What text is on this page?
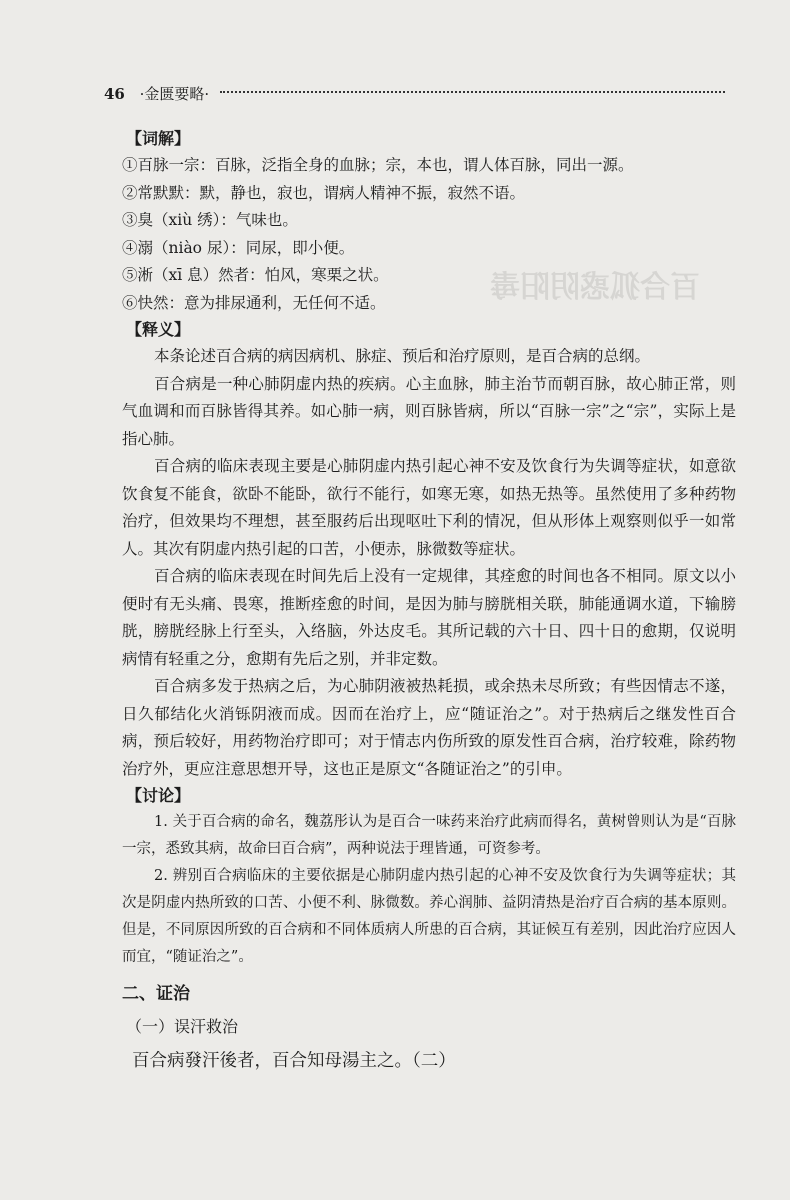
百合狐惑阴阳毒
46 ·金匮要略·
【词解】
①百脉一宗：百脉，泛指全身的血脉；宗，本也，谓人体百脉，同出一源。
②常默默：默，静也，寂也，谓病人精神不振，寂然不语。
③臭（xiù 绣）：气味也。
④溺（niào 尿）：同尿，即小便。
⑤淅（xī 息）然者：怕风，寒栗之状。
⑥快然：意为排尿通利，无任何不适。
【释义】

本条论述百合病的病因病机、脉症、预后和治疗原则，是百合病的总纲。

百合病是一种心肺阴虚内热的疾病。心主血脉，肺主治节而朝百脉，故心肺正常，则气血调和而百脉皆得其养。如心肺一病，则百脉皆病，所以“百脉一宗”之“宗”，实际上是指心肺。

百合病的临床表现主要是心肺阴虚内热引起心神不安及饮食行为失调等症状，如意欲饮食复不能食，欲卧不能卧，欲行不能行，如寒无寒，如热无热等。虽然使用了多种药物治疗，但效果均不理想，甚至服药后出现呕吐下利的情况，但从形体上观察则似乎一如常人。其次有阴虚内热引起的口苦，小便赤，脉微数等症状。

百合病的临床表现在时间先后上没有一定规律，其痊愈的时间也各不相同。原文以小便时有无头痛、畏寒，推断痊愈的时间，是因为肺与膀胱相关联，肺能通调水道，下输膀胱，膀胱经脉上行至头，入络脑，外达皮毛。其所记载的六十日、四十日的愈期，仅说明病情有轻重之分，愈期有先后之别，并非定数。

百合病多发于热病之后，为心肺阴液被热耗损，或余热未尽所致；有些因情志不遂，日久郁结化火消铄阴液而成。因而在治疗上，应“随证治之”。对于热病后之继发性百合病，预后较好，用药物治疗即可；对于情志内伤所致的原发性百合病，治疗较难，除药物治疗外，更应注意思想开导，这也正是原文“各随证治之”的引申。

【讨论】

1. 关于百合病的命名，魏荔彤认为是百合一味药来治疗此病而得名，黄树曾则认为是“百脉一宗，悉致其病，故命曰百合病”，两种说法于理皆通，可资参考。

2. 辨别百合病临床的主要依据是心肺阴虚内热引起的心神不安及饮食行为失调等症状；其次是阴虚内热所致的口苦、小便不利、脉微数。养心润肺、益阴清热是治疗百合病的基本原则。但是，不同原因所致的百合病和不同体质病人所患的百合病，其证候互有差别，因此治疗应因人而宜，“随证治之”。

二、证治
（一）误汗救治
百合病發汗後者，百合知母湯主之。（二）
